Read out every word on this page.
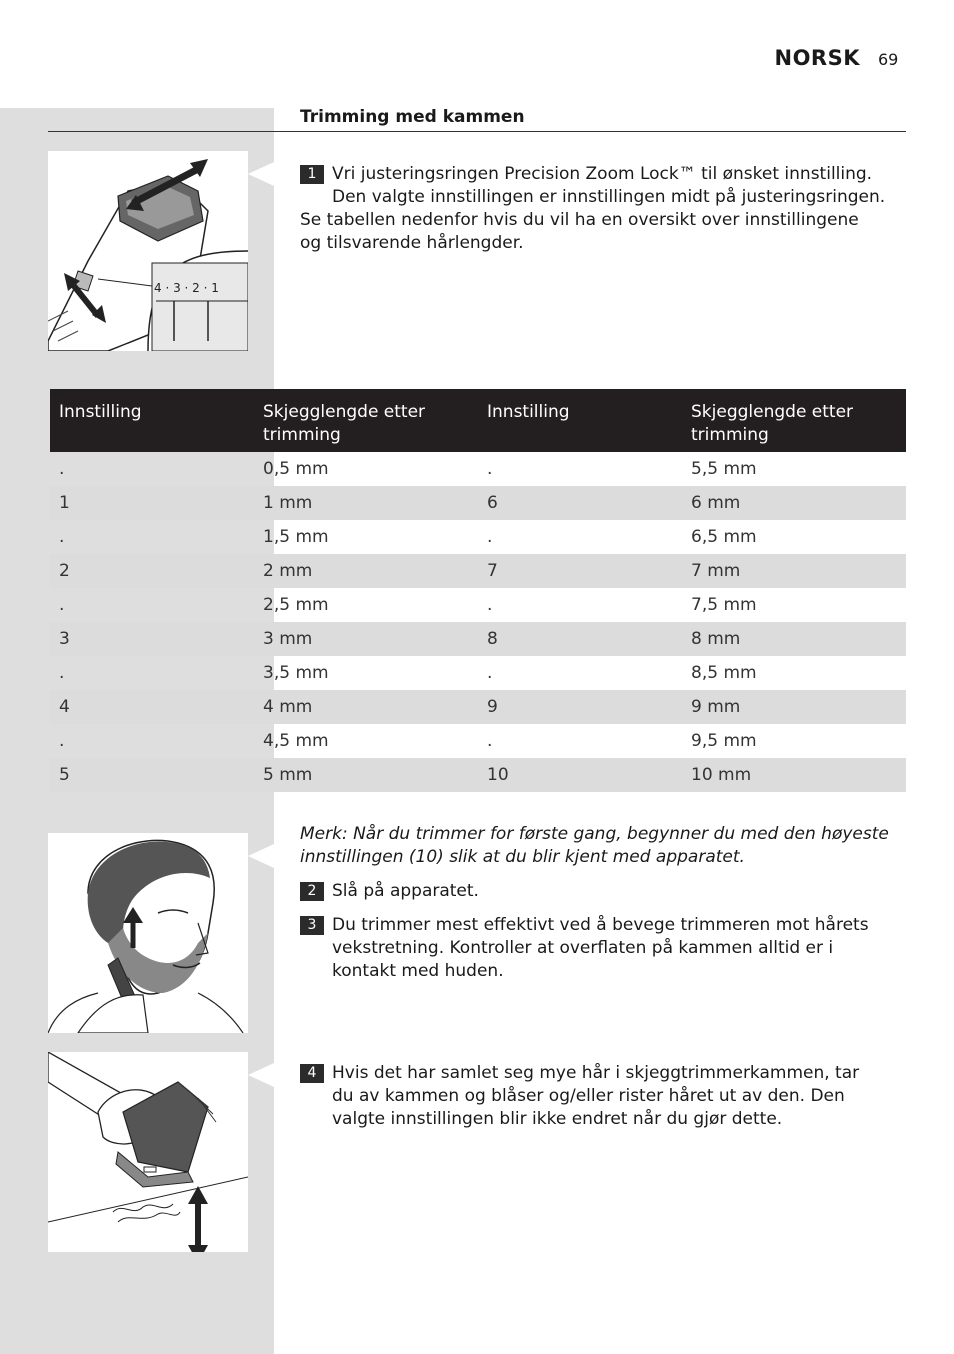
NORSK 69
Trimming med kammen
4 · 3 · 2 · 1
1 Vri justeringsringen Precision Zoom Lock™ til ønsket innstilling. Den valgte innstillingen er innstillingen midt på justeringsringen.
Se tabellen nedenfor hvis du vil ha en oversikt over innstillingene og tilsvarende hårlengder.
Innstilling	Skjegglengde etter trimming	Innstilling	Skjegglengde etter trimming
.	0,5 mm	.	5,5 mm
1	1 mm	6	6 mm
.	1,5 mm	.	6,5 mm
2	2 mm	7	7 mm
.	2,5 mm	.	7,5 mm
3	3 mm	8	8 mm
.	3,5 mm	.	8,5 mm
4	4 mm	9	9 mm
.	4,5 mm	.	9,5 mm
5	5 mm	10	10 mm
Merk: Når du trimmer for første gang, begynner du med den høyeste innstillingen (10) slik at du blir kjent med apparatet.
2 Slå på apparatet.
3 Du trimmer mest effektivt ved å bevege trimmeren mot hårets vekstretning. Kontroller at overflaten på kammen alltid er i kontakt med huden.
4 Hvis det har samlet seg mye hår i skjeggtrimmerkammen, tar du av kammen og blåser og/eller rister håret ut av den. Den valgte innstillingen blir ikke endret når du gjør dette.
